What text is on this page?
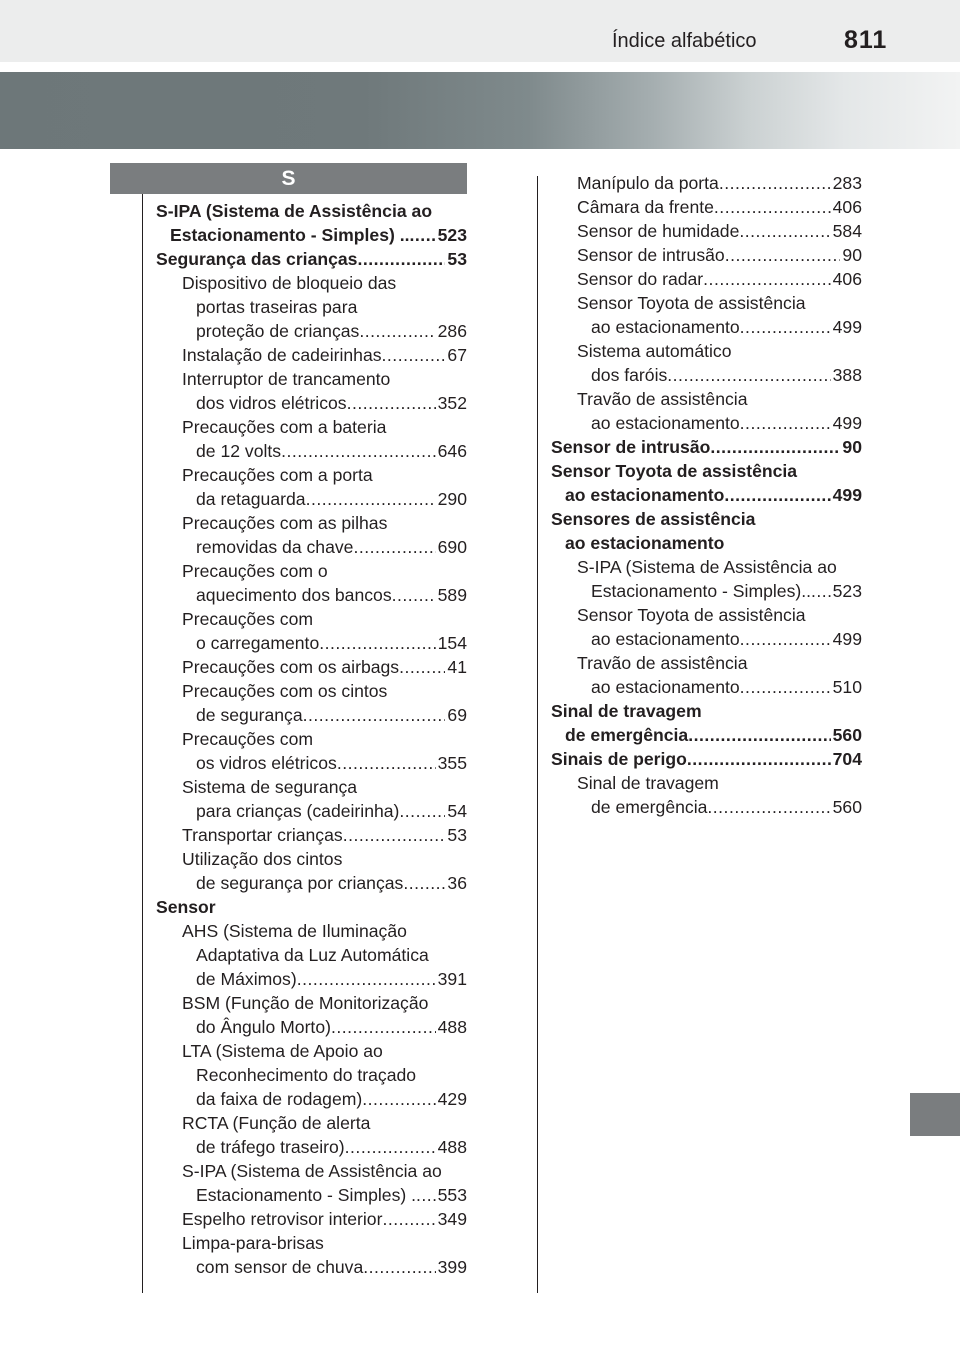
Índice alfabético	811
S
S-IPA (Sistema de Assistência ao
Estacionamento - Simples) .. ..... 523
Segurança das crianças .....	53
Dispositivo de bloqueio das
portas traseiras para
proteção de crianças .....	286
Instalação de cadeirinhas .....	67
Interruptor de trancamento
dos vidros elétricos .....	352
Precauções com a bateria
de 12 volts .....	646
Precauções com a porta
da retaguarda .....	290
Precauções com as pilhas
removidas da chave .....	690
Precauções com o
aquecimento dos bancos .....	589
Precauções com
o carregamento .....	154
Precauções com os airbags .....	41
Precauções com os cintos
de segurança .....	69
Precauções com
os vidros elétricos .....	355
Sistema de segurança
para crianças (cadeirinha) .....	54
Transportar crianças .....	53
Utilização dos cintos
de segurança por crianças .....	36
Sensor
AHS (Sistema de Iluminação
Adaptativa da Luz Automática
de Máximos) .....	391
BSM (Função de Monitorização
do Ângulo Morto) .....	488
LTA (Sistema de Apoio ao
Reconhecimento do traçado
da faixa de rodagem) .....	429
RCTA (Função de alerta
de tráfego traseiro) .....	488
S-IPA (Sistema de Assistência ao
Estacionamento - Simples) . ..... 553
Espelho retrovisor interior .....	349
Limpa-para-brisas
com sensor de chuva .....	399
Manípulo da porta .....	283
Câmara da frente .....	406
Sensor de humidade .....	584
Sensor de intrusão .....	90
Sensor do radar .....	406
Sensor Toyota de assistência
ao estacionamento .....	499
Sistema automático
dos faróis .....	388
Travão de assistência
ao estacionamento .....	499
Sensor de intrusão .....	90
Sensor Toyota de assistência
ao estacionamento .....	499
Sensores de assistência
ao estacionamento
S-IPA (Sistema de Assistência ao
Estacionamento - Simples).. ..... 523
Sensor Toyota de assistência
ao estacionamento .....	499
Travão de assistência
ao estacionamento .....	510
Sinal de travagem
de emergência .....	560
Sinais de perigo .....	704
Sinal de travagem
de emergência .....	560
